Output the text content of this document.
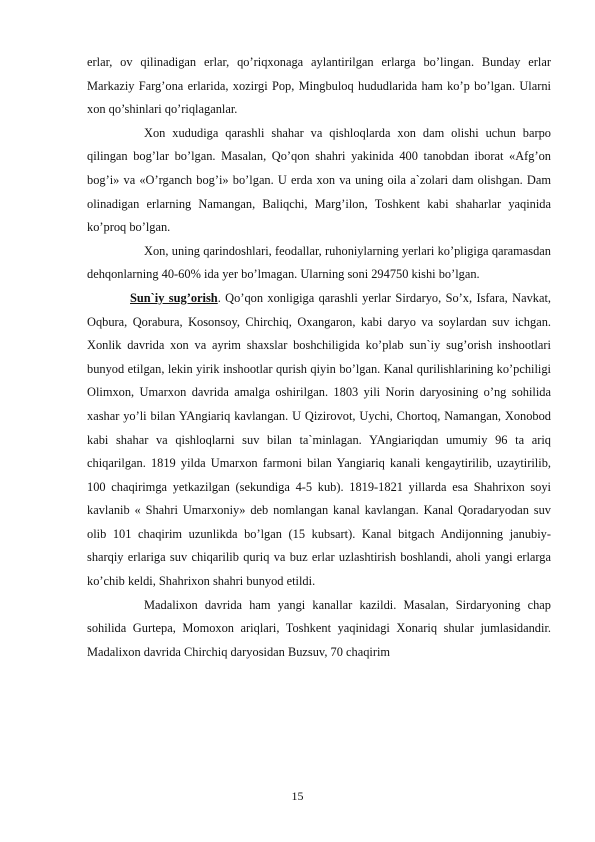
erlar, ov qilinadigan erlar, qo’riqxonaga aylantirilgan erlarga bo’lingan. Bunday erlar Markaziy Farg’ona erlarida, xozirgi Pop, Mingbuloq hududlarida ham ko’p bo’lgan. Ularni xon qo’shinlari qo’riqlaganlar.

Xon xududiga qarashli shahar va qishloqlarda xon dam olishi uchun barpo qilingan bog’lar bo’lgan. Masalan, Qo’qon shahri yakinida 400 tanobdan iborat «Afg’on bog’i» va «O’rganch bog’i» bo’lgan. U erda xon va uning oila a`zolari dam olishgan. Dam olinadigan erlarning Namangan, Baliqchi, Marg’ilon, Toshkent kabi shaharlar yaqinida ko’proq bo’lgan.

Xon, uning qarindoshlari, feodallar, ruhoniylarning yerlari ko’pligiga qaramasdan dehqonlarning 40-60% ida yer bo’lmagan. Ularning soni 294750 kishi bo’lgan.

Sun`iy sug’orish. Qo’qon xonligiga qarashli yerlar Sirdaryo, So’x, Isfara, Navkat, Oqbura, Qorabura, Kosonsoy, Chirchiq, Oxangaron, kabi daryo va soylardan suv ichgan. Xonlik davrida xon va ayrim shaxslar boshchiligida ko’plab sun`iy sug’orish inshootlari bunyod etilgan, lekin yirik inshootlar qurish qiyin bo’lgan. Kanal qurilishlarining ko’pchiligi Olimxon, Umarxon davrida amalga oshirilgan. 1803 yili Norin daryosining o’ng sohilida xashar yo’li bilan YAngiariq kavlangan. U Qizirovot, Uychi, Chortoq, Namangan, Xonobod kabi shahar va qishloqlarni suv bilan ta`minlagan. YAngiariqdan umumiy 96 ta ariq chiqarilgan. 1819 yilda Umarxon farmoni bilan Yangiariq kanali kengaytirilib, uzaytirilib, 100 chaqirimga yetkazilgan (sekundiga 4-5 kub). 1819-1821 yillarda esa Shahrixon soyi kavlanib « Shahri Umarxoniy» deb nomlangan kanal kavlangan. Kanal Qoradaryodan suv olib 101 chaqirim uzunlikda bo’lgan (15 kubsart). Kanal bitgach Andijonning janubiy-sharqiy erlariga suv chiqarilib quriq va buz erlar uzlashtirish boshlandi, aholi yangi erlarga ko’chib keldi, Shahrixon shahri bunyod etildi.

Madalixon davrida ham yangi kanallar kazildi. Masalan, Sirdaryoning chap sohilida Gurtepa, Momoxon ariqlari, Toshkent yaqinidagi Xonariq shular jumlasidandir. Madalixon davrida Chirchiq daryosidan Buzsuv, 70 chaqirim

15
